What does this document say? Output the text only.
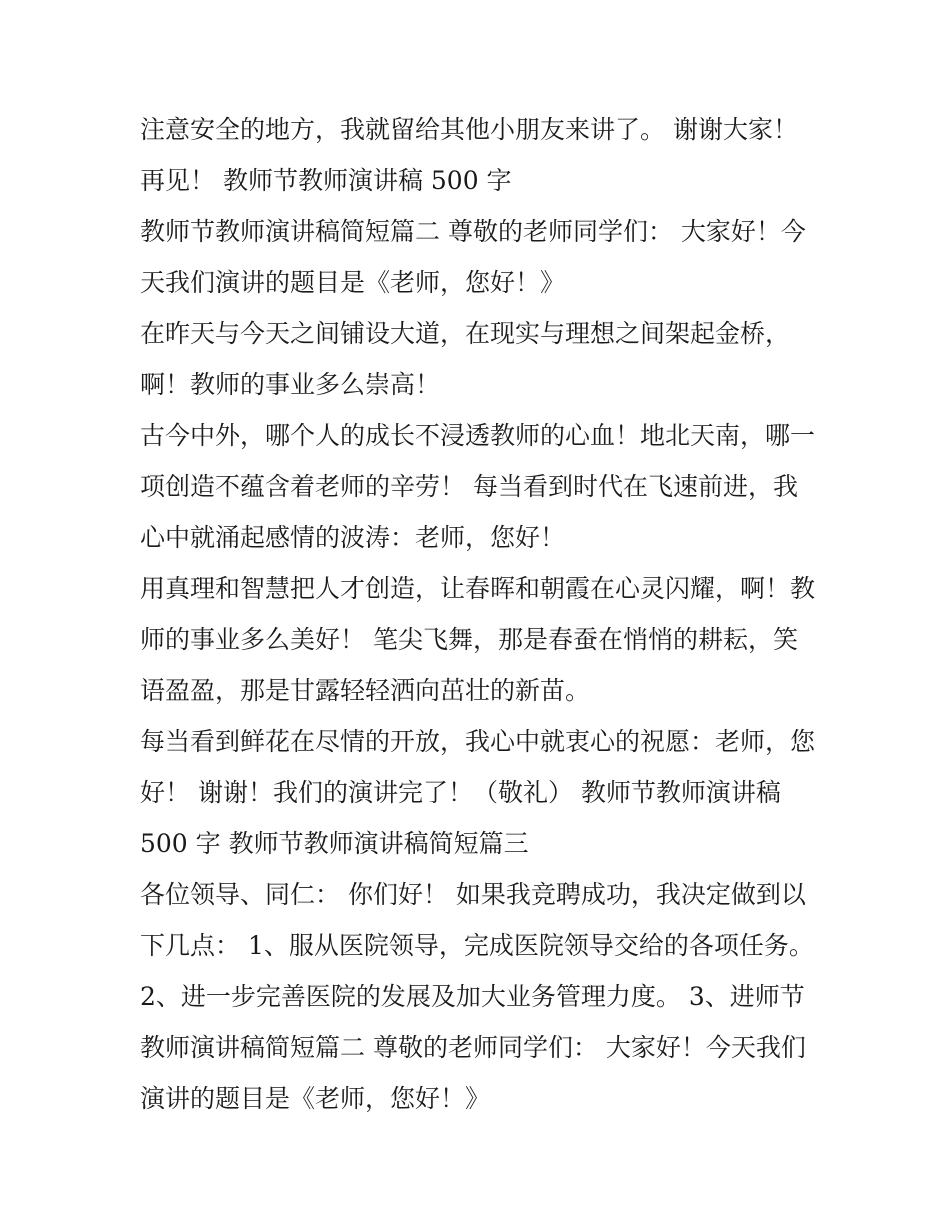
注意安全的地方，我就留给其他小朋友来讲了。 谢谢大家！
再见！ 教师节教师演讲稿 500 字
教师节教师演讲稿简短篇二 尊敬的老师同学们： 大家好！今
天我们演讲的题目是《老师，您好！》
在昨天与今天之间铺设大道，在现实与理想之间架起金桥，
啊！教师的事业多么崇高！
古今中外，哪个人的成长不浸透教师的心血！地北天南，哪一
项创造不蕴含着老师的辛劳！ 每当看到时代在飞速前进，我
心中就涌起感情的波涛：老师，您好！
用真理和智慧把人才创造，让春晖和朝霞在心灵闪耀，啊！教
师的事业多么美好！ 笔尖飞舞，那是春蚕在悄悄的耕耘，笑
语盈盈，那是甘露轻轻洒向茁壮的新苗。
每当看到鲜花在尽情的开放，我心中就衷心的祝愿：老师，您
好！ 谢谢！我们的演讲完了！（敬礼） 教师节教师演讲稿
500 字 教师节教师演讲稿简短篇三
各位领导、同仁： 你们好！ 如果我竞聘成功，我决定做到以
下几点： 1、服从医院领导，完成医院领导交给的各项任务。
2、进一步完善医院的发展及加大业务管理力度。 3、进师节
教师演讲稿简短篇二 尊敬的老师同学们： 大家好！今天我们
演讲的题目是《老师，您好！》
